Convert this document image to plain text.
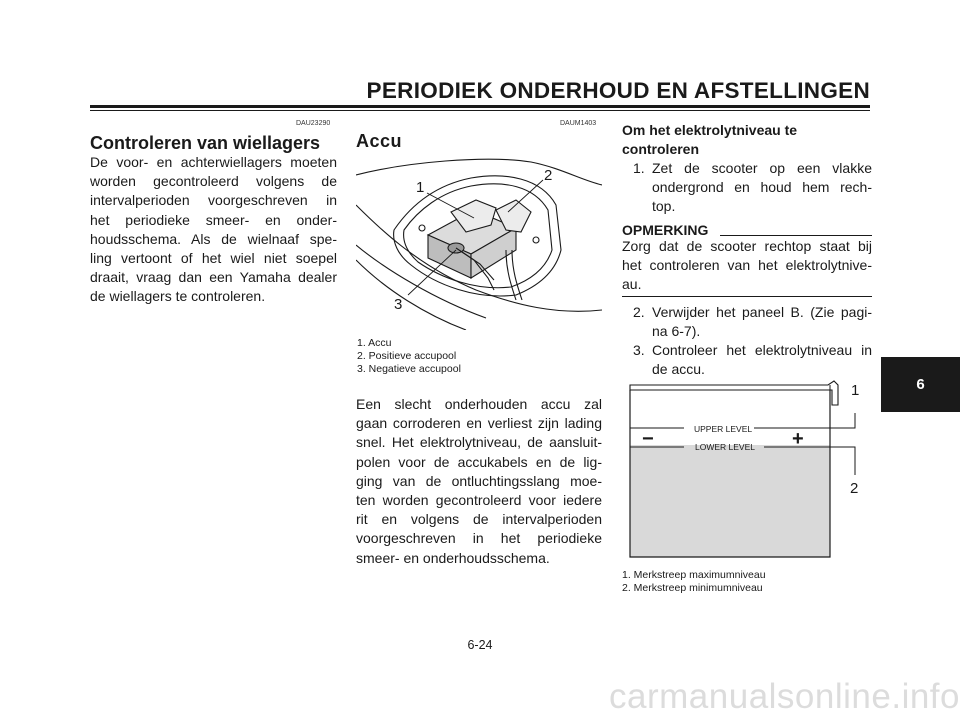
PERIODIEK ONDERHOUD EN AFSTELLINGEN
DAU23290
Controleren van wiellagers
De voor- en achterwiellagers moeten
worden gecontroleerd volgens de
intervalperioden voorgeschreven in
het periodieke smeer- en onder-
houdsschema. Als de wielnaaf spe-
ling vertoont of het wiel niet soepel
draait, vraag dan een Yamaha dealer
de wiellagers te controleren.
DAUM1403
Accu
1
2
3
1. Accu
2. Positieve accupool
3. Negatieve accupool
Een slecht onderhouden accu zal
gaan corroderen en verliest zijn lading
snel. Het elektrolytniveau, de aansluit-
polen voor de accukabels en de lig-
ging van de ontluchtingsslang moe-
ten worden gecontroleerd voor iedere
rit en volgens de intervalperioden
voorgeschreven in het periodieke
smeer- en onderhoudsschema.
Om het elektrolytniveau te
controleren
1. Zet de scooter op een vlakke
ondergrond en houd hem rech-
top.
OPMERKING
Zorg dat de scooter rechtop staat bij
het controleren van het elektrolytnive-
au.
2. Verwijder het paneel B. (Zie pagi-
na 6-7).
3. Controleer het elektrolytniveau in
de accu.
UPPER LEVEL
LOWER LEVEL
−	+
1
2
1. Merkstreep maximumniveau
2. Merkstreep minimumniveau
6
6-24
carmanualsonline.info
